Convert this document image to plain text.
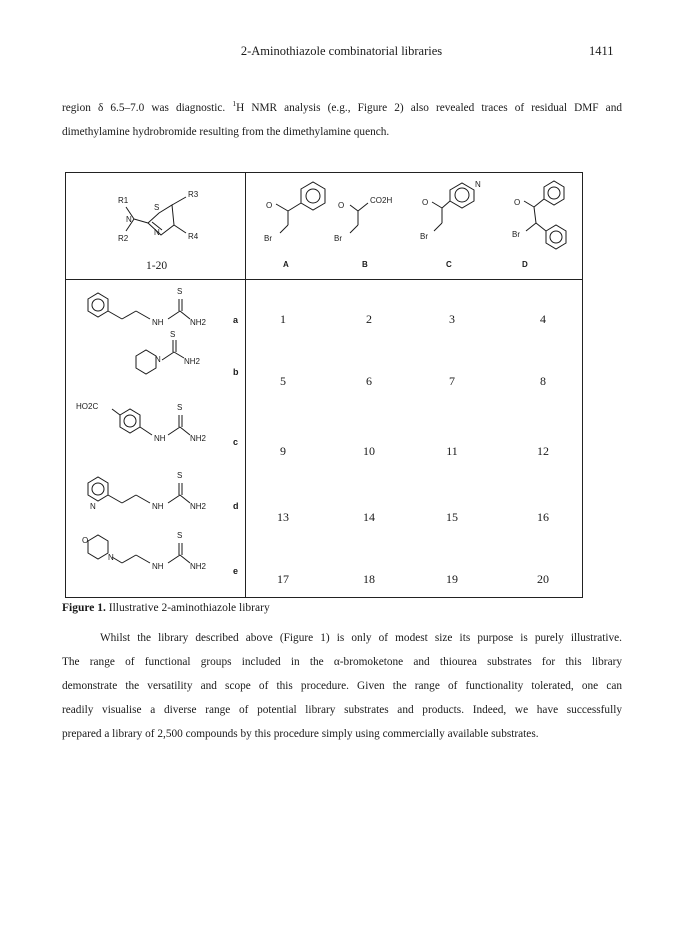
2-Aminothiazole combinatorial libraries	1411
region δ 6.5–7.0 was diagnostic. $^1$H NMR analysis (e.g., Figure 2) also revealed traces of residual DMF and
dimethylamine hydrobromide resulting from the dimethylamine quench.
S
N
N
R1
R2
R3
R4
1-20
O
Br
O
CO2H
Br
N
O
Br
O
Br
A	B	C	D
S
NH	NH2
N
S
NH2
HO2C	S
NH	NH2
N
S
NH	NH2
O
N
S
NH	NH2
a
b
c
d
e
1	2	3	4
5	6	7	8
9	10	11	12
13	14	15	16
17	18	19	20
Figure 1. Illustrative 2-aminothiazole library
Whilst the library described above (Figure 1) is only of modest size its purpose is purely illustrative.
The range of functional groups included in the α-bromoketone and thiourea substrates for this library
demonstrate the versatility and scope of this procedure. Given the range of functionality tolerated, one can
readily visualise a diverse range of potential library substrates and products. Indeed, we have successfully
prepared a library of 2,500 compounds by this procedure simply using commercially available substrates.
